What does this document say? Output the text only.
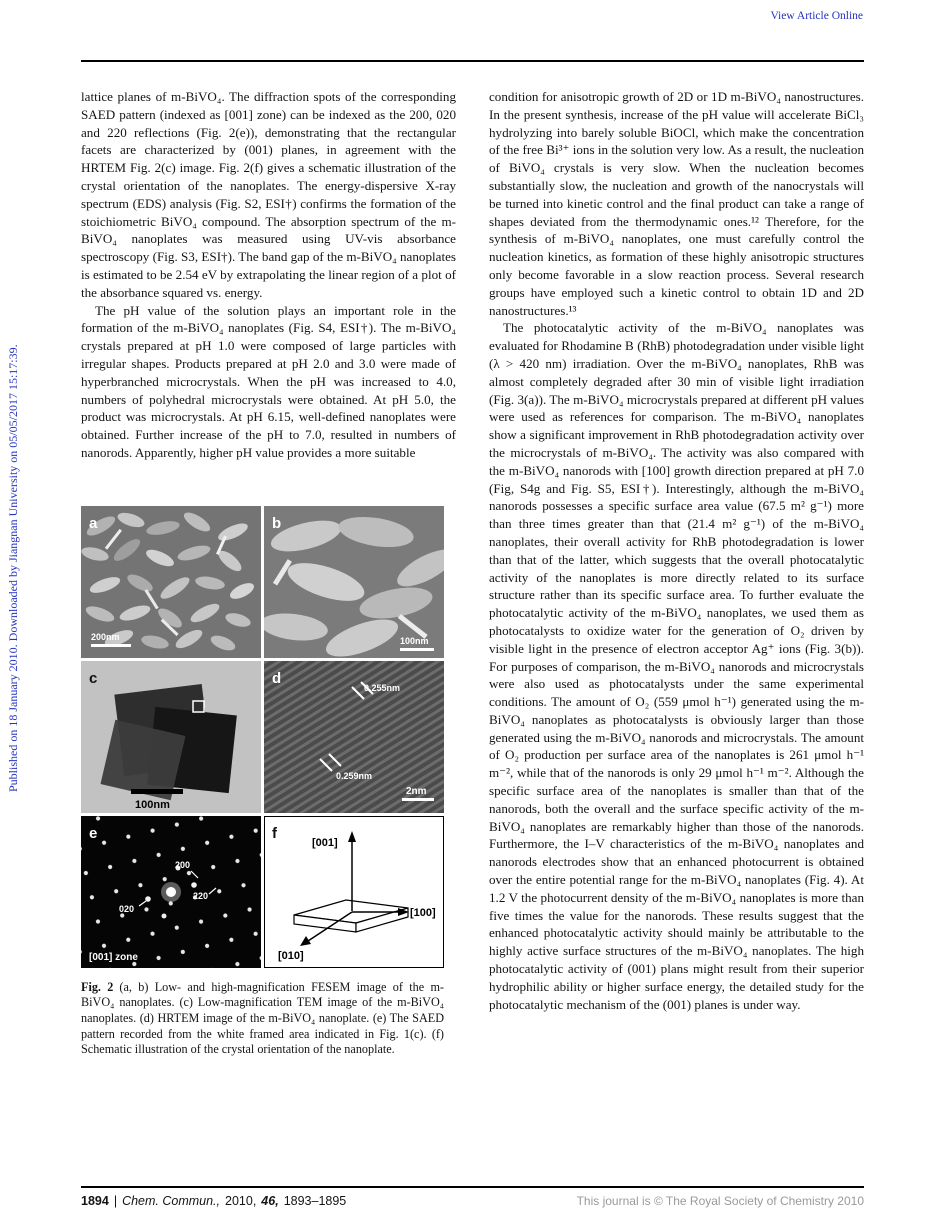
View Article Online
Published on 18 January 2010. Downloaded by Jiangnan University on 05/05/2017 15:17:39.

lattice planes of m-BiVO₄. The diffraction spots of the corresponding SAED pattern (indexed as [001] zone) can be indexed as the 200, 020 and 220 reflections (Fig. 2(e)), demonstrating that the rectangular facets are characterized by (001) planes, in agreement with the HRTEM Fig. 2(c) image. Fig. 2(f) gives a schematic illustration of the crystal orientation of the nanoplates. The energy-dispersive X-ray spectrum (EDS) analysis (Fig. S2, ESI†) confirms the formation of the stoichiometric BiVO₄ compound. The absorption spectrum of the m-BiVO₄ nanoplates was measured using UV-vis absorbance spectroscopy (Fig. S3, ESI†). The band gap of the m-BiVO₄ nanoplates is estimated to be 2.54 eV by extrapolating the linear region of a plot of the absorbance squared vs. energy.

The pH value of the solution plays an important role in the formation of the m-BiVO₄ nanoplates (Fig. S4, ESI†). The m-BiVO₄ crystals prepared at pH 1.0 were composed of large particles with irregular shapes. Products prepared at pH 2.0 and 3.0 were made of hyperbranched microcrystals. When the pH was increased to 4.0, numbers of polyhedral microcrystals were obtained. At pH 5.0, the product was microcrystals. At pH 6.15, well-defined nanoplates were obtained. Further increase of the pH to 7.0, resulted in numbers of nanorods. Apparently, higher pH value provides a more suitable

a
200nm
b
100nm
100nm
c
0.255nm
0.259nm
2nm
d
200
220
020
[001] zone
e
[001]
[100]
[010]
f
Fig. 2 (a, b) Low- and high-magnification FESEM image of the m-BiVO₄ nanoplates. (c) Low-magnification TEM image of the m-BiVO₄ nanoplates. (d) HRTEM image of the m-BiVO₄ nanoplate. (e) The SAED pattern recorded from the white framed area indicated in Fig. 1(c). (f) Schematic illustration of the crystal orientation of the nanoplate.

condition for anisotropic growth of 2D or 1D m-BiVO₄ nanostructures. In the present synthesis, increase of the pH value will accelerate BiCl₃ hydrolyzing into barely soluble BiOCl, which make the concentration of the free Bi³⁺ ions in the solution very low. As a result, the nucleation of BiVO₄ crystals is very slow. When the nucleation becomes substantially slow, the nucleation and growth of the nanocrystals will be turned into kinetic control and the final product can take a range of shapes deviated from the thermodynamic ones.¹² Therefore, for the synthesis of m-BiVO₄ nanoplates, one must carefully control the nucleation kinetics, as formation of these highly anisotropic structures only become favorable in a slow reaction process. Several research groups have employed such a kinetic control to obtain 1D and 2D nanostructures.¹³

The photocatalytic activity of the m-BiVO₄ nanoplates was evaluated for Rhodamine B (RhB) photodegradation under visible light (λ > 420 nm) irradiation. Over the m-BiVO₄ nanoplates, RhB was almost completely degraded after 30 min of visible light irradiation (Fig. 3(a)). The m-BiVO₄ microcrystals prepared at different pH values were used as references for comparison. The m-BiVO₄ nanoplates show a significant improvement in RhB photodegradation activity over the microcrystals of m-BiVO₄. The activity was also compared with the m-BiVO₄ nanorods with [100] growth direction prepared at pH 7.0 (Fig, S4g and Fig. S5, ESI†). Interestingly, although the m-BiVO₄ nanorods possesses a specific surface area value (67.5 m² g⁻¹) more than three times greater than that (21.4 m² g⁻¹) of the m-BiVO₄ nanoplates, their overall activity for RhB photodegradation is lower than that of the latter, which suggests that the overall photocatalytic activity of the nanoplates is more directly related to its surface structure rather than its specific surface area. To further evaluate the photocatalytic activity of the m-BiVO₄ nanoplates, we used them as photocatalysts to oxidize water for the generation of O₂ driven by visible light in the presence of electron acceptor Ag⁺ ions (Fig. 3(b)). For purposes of comparison, the m-BiVO₄ nanorods and microcrystals were also used as photocatalysts under the same experimental conditions. The amount of O₂ (559 μmol h⁻¹) generated using the m-BiVO₄ nanoplates as photocatalysts is obviously larger than those generated using the m-BiVO₄ nanorods and microcrystals. The amount of O₂ production per surface area of the nanoplates is 261 μmol h⁻¹ m⁻², while that of the nanorods is only 29 μmol h⁻¹ m⁻². Although the specific surface area of the nanoplates is smaller than that of the nanorods, both the overall and the surface specific activity of the m-BiVO₄ nanoplates are remarkably higher than those of the nanorods. Furthermore, the I–V characteristics of the m-BiVO₄ nanoplates and nanorods electrodes show that an enhanced photocurrent is obtained over the entire potential range for the m-BiVO₄ nanoplates (Fig. 4). At 1.2 V the photocurrent density of the m-BiVO₄ nanoplates is more than five times the value for the nanorods. These results suggest that the enhanced photocatalytic activity should mainly be attributable to the highly active surface structures of the m-BiVO₄ nanoplates. The high photocatalytic activity of (001) plans might result from their superior hydrophilic ability or higher surface energy, the detailed study for the photocatalytic mechanism of the (001) planes is under way.

1894 | Chem. Commun., 2010, 46, 1893–1895	This journal is © The Royal Society of Chemistry 2010
